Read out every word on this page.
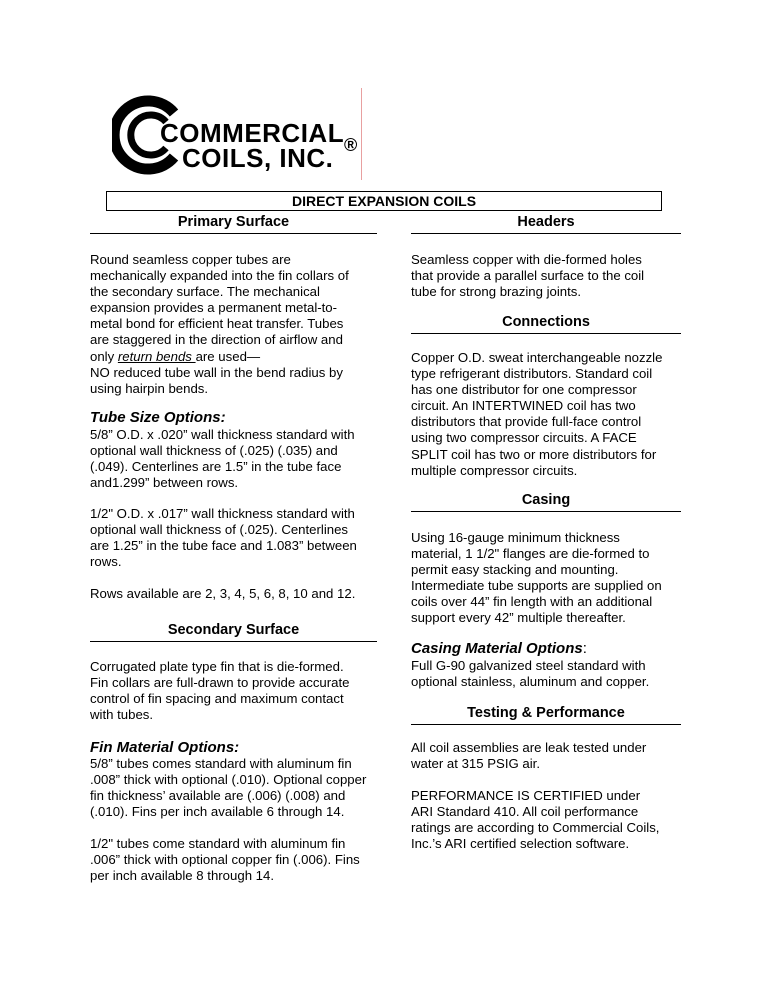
COMMERCIAL
COILS, INC. ®
DIRECT EXPANSION COILS
Primary Surface
Round seamless copper tubes are
mechanically expanded into the fin collars of
the secondary surface. The mechanical
expansion provides a permanent metal-to-
metal bond for efficient heat transfer. Tubes
are staggered in the direction of airflow and
only return bends are used—
NO reduced tube wall in the bend radius by
using hairpin bends.
Tube Size Options:
5/8” O.D. x .020” wall thickness standard with
optional wall thickness of (.025) (.035) and
(.049). Centerlines are 1.5” in the tube face
and1.299” between rows.
1/2" O.D. x .017” wall thickness standard with
optional wall thickness of (.025). Centerlines
are 1.25” in the tube face and 1.083” between
rows.
Rows available are 2, 3, 4, 5, 6, 8, 10 and 12.
Secondary Surface
Corrugated plate type fin that is die-formed.
Fin collars are full-drawn to provide accurate
control of fin spacing and maximum contact
with tubes.
Fin Material Options:
5/8” tubes comes standard with aluminum fin
.008” thick with optional (.010). Optional copper
fin thickness’ available are (.006) (.008) and
(.010). Fins per inch available 6 through 14.
1/2" tubes come standard with aluminum fin
.006” thick with optional copper fin (.006). Fins
per inch available 8 through 14.
Headers
Seamless copper with die-formed holes
that provide a parallel surface to the coil
tube for strong brazing joints.
Connections
Copper O.D. sweat interchangeable nozzle
type refrigerant distributors. Standard coil
has one distributor for one compressor
circuit. An INTERTWINED coil has two
distributors that provide full-face control
using two compressor circuits. A FACE
SPLIT coil has two or more distributors for
multiple compressor circuits.
Casing
Using 16-gauge minimum thickness
material, 1 1/2" flanges are die-formed to
permit easy stacking and mounting.
Intermediate tube supports are supplied on
coils over 44” fin length with an additional
support every 42” multiple thereafter.
Casing Material Options:
Full G-90 galvanized steel standard with
optional stainless, aluminum and copper.
Testing & Performance
All coil assemblies are leak tested under
water at 315 PSIG air.
PERFORMANCE IS CERTIFIED under
ARI Standard 410. All coil performance
ratings are according to Commercial Coils,
Inc.’s ARI certified selection software.
